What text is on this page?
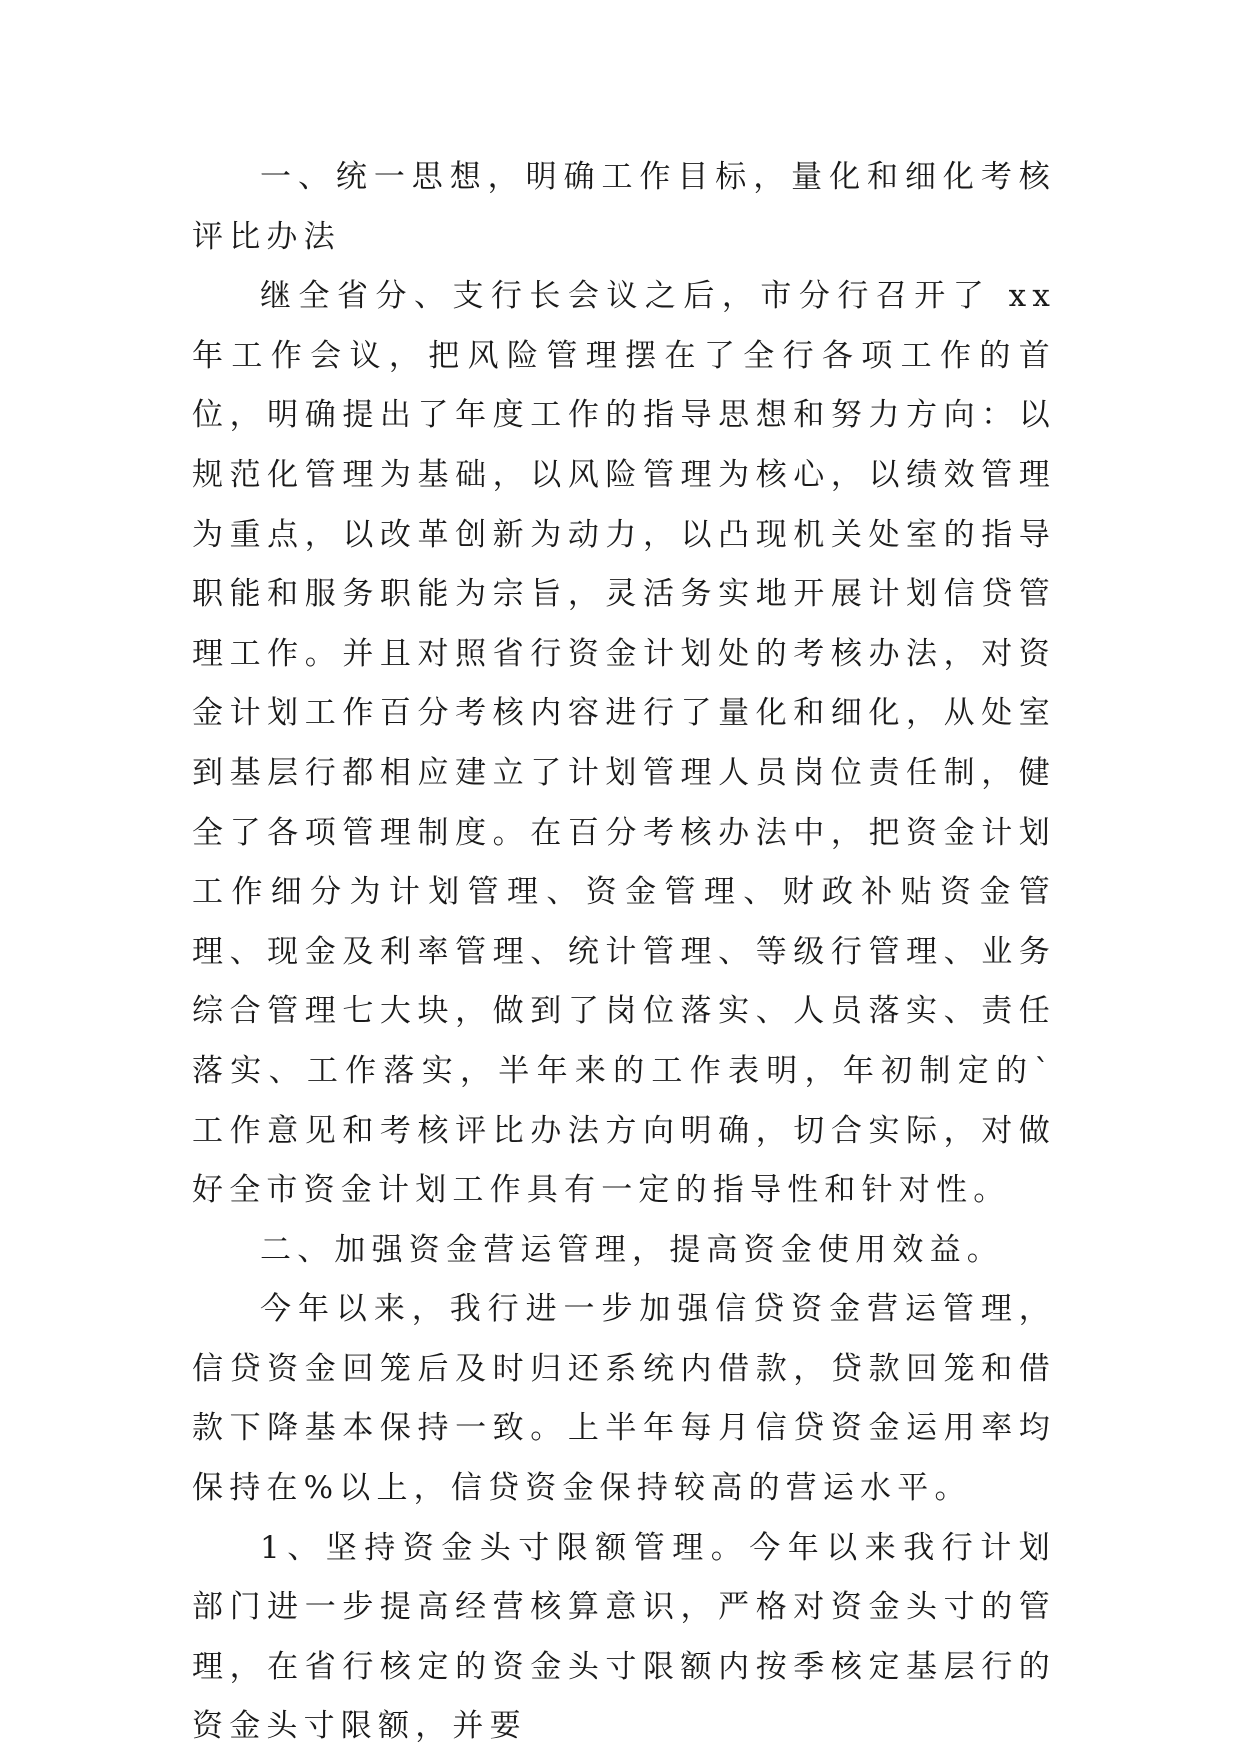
一、统一思想，明确工作目标，量化和细化考核评比办法

继全省分、支行长会议之后，市分行召开了 xx 年工作会议，把风险管理摆在了全行各项工作的首位，明确提出了年度工作的指导思想和努力方向：以规范化管理为基础，以风险管理为核心，以绩效管理为重点，以改革创新为动力，以凸现机关处室的指导职能和服务职能为宗旨，灵活务实地开展计划信贷管理工作。并且对照省行资金计划处的考核办法，对资金计划工作百分考核内容进行了量化和细化，从处室到基层行都相应建立了计划管理人员岗位责任制，健全了各项管理制度。在百分考核办法中，把资金计划工作细分为计划管理、资金管理、财政补贴资金管理、现金及利率管理、统计管理、等级行管理、业务综合管理七大块，做到了岗位落实、人员落实、责任落实、工作落实，半年来的工作表明，年初制定的`工作意见和考核评比办法方向明确，切合实际，对做好全市资金计划工作具有一定的指导性和针对性。

二、加强资金营运管理，提高资金使用效益。

今年以来，我行进一步加强信贷资金营运管理，信贷资金回笼后及时归还系统内借款，贷款回笼和借款下降基本保持一致。上半年每月信贷资金运用率均保持在%以上，信贷资金保持较高的营运水平。

1、坚持资金头寸限额管理。今年以来我行计划部门进一步提高经营核算意识，严格对资金头寸的管理，在省行核定的资金头寸限额内按季核定基层行的资金头寸限额，并要
